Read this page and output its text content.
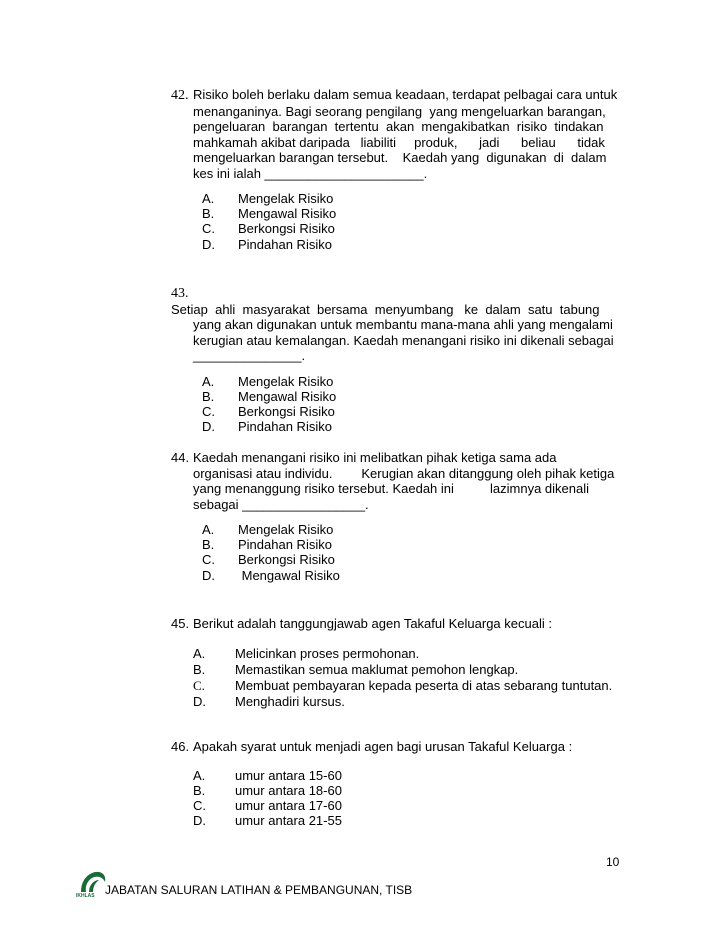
42. Risiko boleh berlaku dalam semua keadaan, terdapat pelbagai cara untuk
menanganinya. Bagi seorang pengilang  yang mengeluarkan barangan,
pengeluaran  barangan  tertentu  akan  mengakibatkan  risiko  tindakan
mahkamah akibat daripada   liabiliti     produk,      jadi      beliau      tidak
mengeluarkan barangan tersebut.    Kaedah yang  digunakan  di  dalam
kes ini ialah ______________________.
A. Mengelak Risiko
B. Mengawal Risiko
C. Berkongsi Risiko
D. Pindahan Risiko
43.Setiap  ahli  masyarakat  bersama  menyumbang   ke  dalam  satu  tabung
yang akan digunakan untuk membantu mana-mana ahli yang mengalami
kerugian atau kemalangan. Kaedah menangani risiko ini dikenali sebagai
_______________.
A. Mengelak Risiko
B. Mengawal Risiko
C. Berkongsi Risiko
D. Pindahan Risiko
44. Kaedah menangani risiko ini melibatkan pihak ketiga sama ada
organisasi atau individu.        Kerugian akan ditanggung oleh pihak ketiga
yang menanggung risiko tersebut. Kaedah ini          lazimnya dikenali
sebagai _________________.
A. Mengelak Risiko
B. Pindahan Risiko
C. Berkongsi Risiko
D. Mengawal Risiko
45. Berikut adalah tanggungjawab agen Takaful Keluarga kecuali :
A. Melicinkan proses permohonan.
B. Memastikan semua maklumat pemohon lengkap.
C. Membuat pembayaran kepada peserta di atas sebarang tuntutan.
D. Menghadiri kursus.
46. Apakah syarat untuk menjadi agen bagi urusan Takaful Keluarga :
A. umur antara 15-60
B. umur antara 18-60
C. umur antara 17-60
D. umur antara 21-55
10
IKHLAS JABATAN SALURAN LATIHAN & PEMBANGUNAN, TISB
